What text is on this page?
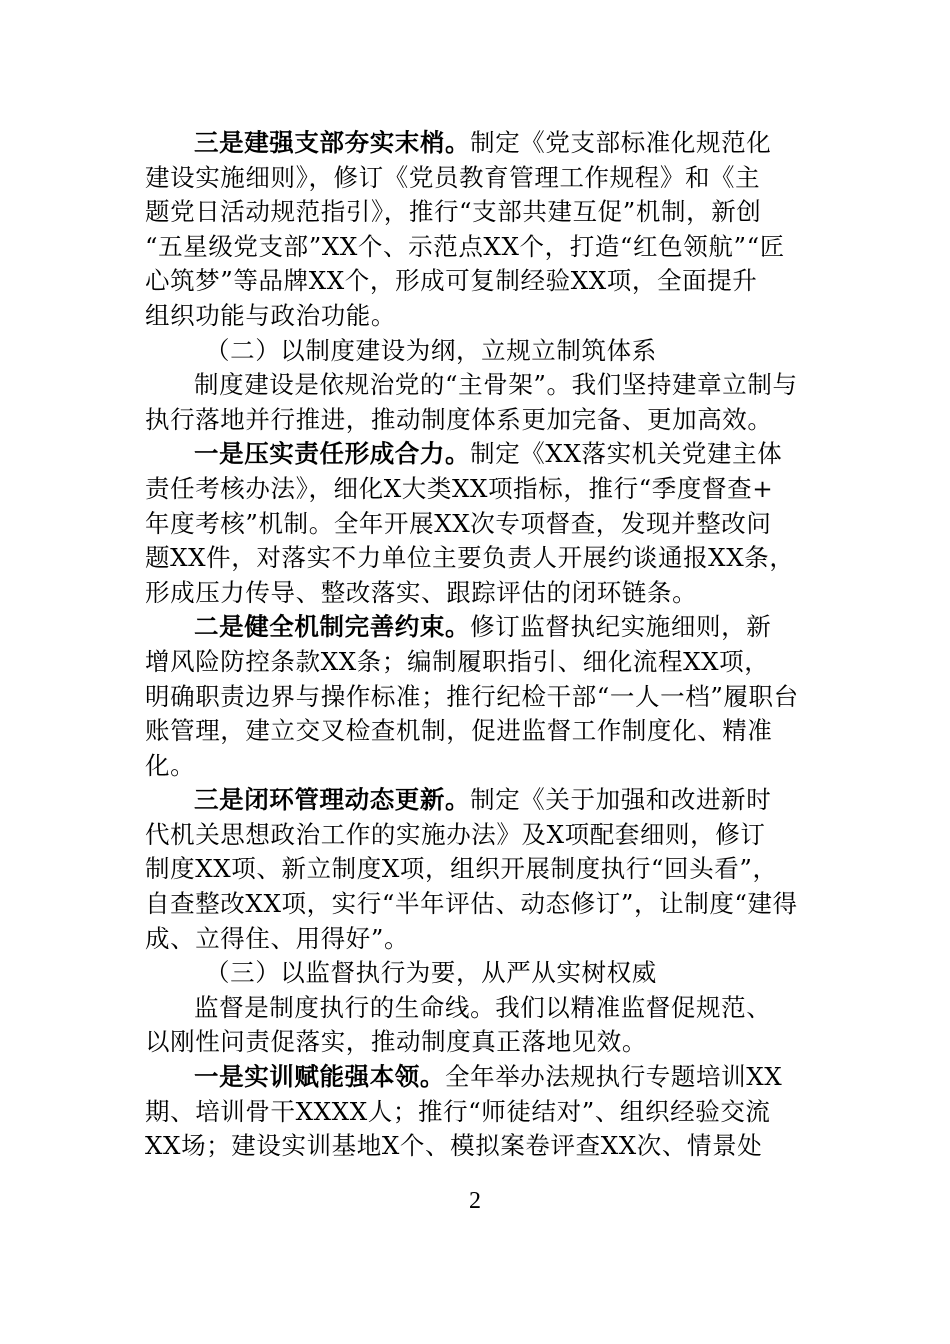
三是建强支部夯实末梢。制定《党支部标准化规范化
建设实施细则》，修订《党员教育管理工作规程》和《主
题党日活动规范指引》，推行“支部共建互促”机制，新创
“五星级党支部”XX个、示范点XX个，打造“红色领航”“匠
心筑梦”等品牌XX个，形成可复制经验XX项，全面提升
组织功能与政治功能。

（二）以制度建设为纲，立规立制筑体系

制度建设是依规治党的“主骨架”。我们坚持建章立制与
执行落地并行推进，推动制度体系更加完备、更加高效。

一是压实责任形成合力。制定《XX落实机关党建主体
责任考核办法》，细化X大类XX项指标，推行“季度督查+
年度考核”机制。全年开展XX次专项督查，发现并整改问
题XX件，对落实不力单位主要负责人开展约谈通报XX条，
形成压力传导、整改落实、跟踪评估的闭环链条。

二是健全机制完善约束。修订监督执纪实施细则，新
增风险防控条款XX条；编制履职指引、细化流程XX项，
明确职责边界与操作标准；推行纪检干部“一人一档”履职台
账管理，建立交叉检查机制，促进监督工作制度化、精准
化。

三是闭环管理动态更新。制定《关于加强和改进新时
代机关思想政治工作的实施办法》及X项配套细则，修订
制度XX项、新立制度X项，组织开展制度执行“回头看”，
自查整改XX项，实行“半年评估、动态修订”，让制度“建得
成、立得住、用得好”。

（三）以监督执行为要，从严从实树权威

监督是制度执行的生命线。我们以精准监督促规范、
以刚性问责促落实，推动制度真正落地见效。

一是实训赋能强本领。全年举办法规执行专题培训XX
期、培训骨干XXXX人；推行“师徒结对”、组织经验交流
XX场；建设实训基地X个、模拟案卷评查XX次、情景处

2
